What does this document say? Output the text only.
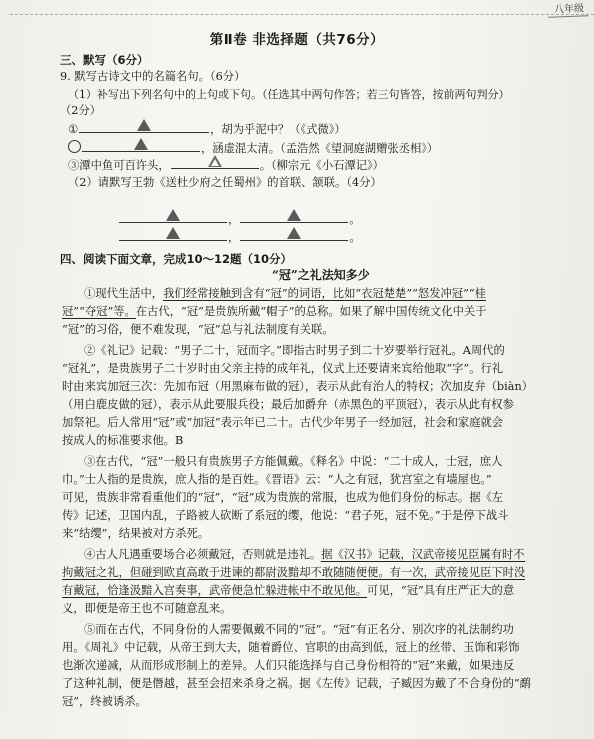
八年级
第Ⅱ卷 非选择题（共76分）
三、默写（6分）
9. 默写古诗文中的名篇名句。（6分）
（1）补写出下列名句中的上句或下句。（任选其中两句作答；若三句皆答，按前两句判分）
（2分）
①	，胡为乎泥中？（《式微》）
，涵虚混太清。（孟浩然《望洞庭湖赠张丞相》）
③潭中鱼可百许头，	。（柳宗元《小石潭记》）
（2）请默写王勃《送杜少府之任蜀州》的首联、颔联。（4分）
，	。
，	。
四、阅读下面文章，完成10～12题（10分）
“冠”之礼法知多少
①现代生活中，我们经常接触到含有“冠”的词语，比如“衣冠楚楚”“怒发冲冠”“桂
冠”“夺冠”等。在古代，“冠”是贵族所戴“帽子”的总称。如果了解中国传统文化中关于
“冠”的习俗，便不难发现，“冠”总与礼法制度有关联。
②《礼记》记载：“男子二十，冠而字。”即指古时男子到二十岁要举行冠礼。A周代的
“冠礼”，是贵族男子二十岁时由父亲主持的成年礼，仪式上还要请来宾给他取“字”。行礼
时由来宾加冠三次：先加布冠（用黑麻布做的冠），表示从此有治人的特权；次加皮弁（biàn）
（用白鹿皮做的冠），表示从此要服兵役；最后加爵弁（赤黑色的平顶冠），表示从此有权参
加祭祀。后人常用“冠”或“加冠”表示年已二十。古代少年男子一经加冠，社会和家庭就会
按成人的标准要求他。B
③在古代，“冠”一般只有贵族男子方能佩戴。《释名》中说：“二十成人，士冠，庶人
巾。”士人指的是贵族，庶人指的是百姓。《晋语》云：“人之有冠，犹宫室之有墙屋也。”
可见，贵族非常看重他们的“冠”，“冠”成为贵族的常服，也成为他们身份的标志。据《左
传》记述，卫国内乱，子路被人砍断了系冠的缨，他说：“君子死，冠不免。”于是停下战斗
来“结缨”，结果被对方杀死。
④古人凡遇重要场合必须戴冠，否则就是违礼。据《汉书》记载，汉武帝接见臣属有时不
拘戴冠之礼，但碰到欧直高敢于进谏的都尉汲黯却不敢随随便便。有一次，武帝接见臣下时没
有戴冠，恰逢汲黯入宫奏事，武帝便急忙躲进帐中不敢见他。可见，“冠”具有庄严正大的意
义，即便是帝王也不可随意乱来。
⑤而在古代，不同身份的人需要佩戴不同的“冠”。“冠”有正名分、别次序的礼法制约功
用。《周礼》中记载，从帝王到大夫，随着爵位、官职的由高到低，冠上的丝带、玉饰和彩饰
也渐次递减，从而形成形制上的差异。人们只能选择与自己身份相符的“冠”来戴，如果违反
了这种礼制，便是僭越，甚至会招来杀身之祸。据《左传》记载，子臧因为戴了不合身份的“鹬
冠”，终被诱杀。
